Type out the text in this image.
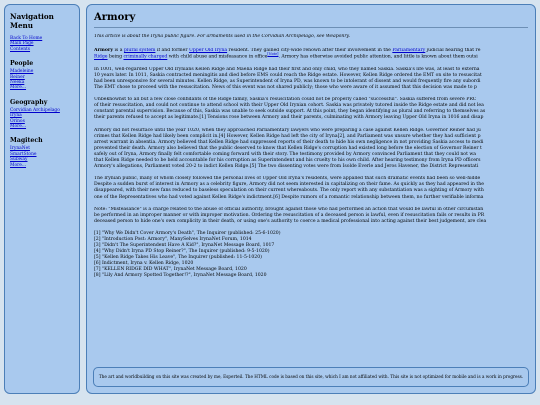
Navigation Menu
Back To Home
Main Page
Contents
People
Madeleine
Reiner
Neeka
More...
Geography
Corvidian Archipelago
Iryna
Orinos
More...
Magitech
IrynaNet
SmartStone
Subway
More...
Armory

This article is about the Iryna public figure. For armaments used in the Corvidian Archipelago, see Weaponry.

Armory is a plural system if and former Upper Old Iryna resident. They gained city-wide renown after their involvement in the Parliamentary judicial hearing that re
Ridge being criminally charged with child abuse and misfeasance in office[Note]. Armory has otherwise avoided public attention, and little is known about them outsi

In 1001, well-regarded Upper Old Irynians Kellen Ridge and Maelia Ridge had their first and only child, who they named Saskia. Saskia's life was, at least to externa
10 years later. In 1011, Saskia contracted meningitis and died before EMS could reach the Ridge estate. However, Kellen Ridge ordered the EMT on site to resuscitat
had been unresponsive for several minutes. Kellen Ridge, as Superintendent of Iryna PD, was known to be intolerant of dissent and would frequently fire any subordi
The EMT chose to proceed with the resuscitation. News of this event was not shared publicly; those who were aware of it assumed that this decision was made to p

Unbeknownst to all but a few close confidants of the Ridge family, Saskia's resuscitation could not be properly called "successful". Saskia suffered from severe PRC
of their resuscitation, and could not continue to attend school with their Upper Old Irynian cohort. Saskia was privately tutored inside the Ridge estate and did not lea
constant parental supervision. Because of this, Saskia was unable to seek outside support. At this point, they began identifying as plural and referring to themselves as
their parents refused to accept as legitimate.[1] Tensions rose between Armory and their parents, culminating with Armory leaving Upper Old Iryna in 1016 and disap

Armory did not resurface until the year 1020, when they approached Parliamentary lawyers who were preparing a case against Kellen Ridge. Governor Reiner had ju
crimes that Kellen Ridge had likely been complicit in.[4] However, Kellen Ridge had left the city of Iryna[2], and Parliament was unsure whether they had sufficient p
arrest warrant in absentia. Armory believed that Kellen Ridge had suppressed reports of their death to hide his own negligence in not providing Saskia access to medi
prevented their death. Armory also believed that the public deserved to know that Kellen Ridge's corruption had existed long before the election of Governor Reiner t
safely out of Iryna, Armory finally felt comfortable coming forward with their story. The testimony provided by Armory convinced Parliament that they could not wa
that Kellen Ridge needed to be held accountable for his corruption as Superintendent and his cruelty to his own child. After hearing testimony from Iryna PD officers
Armory's allegations, Parliament voted 20-2 to indict Kellen Ridge.[5] The two dissenting votes were from Isolde Everle and Jeros Havener, the District Representati

The Irynian public, many of whom closely followed the personal lives of Upper Old Iryna's residents, were appalled that such dramatic events had been so well-hidde
Despite a sudden burst of interest in Armory as a celebrity figure, Armory did not seem interested in capitalizing on their fame. As quickly as they had appeared in the
disappeared, with their new fans reduced to baseless speculation on their current whereabouts. The only report with any substantiation was a sighting of Armory with
one of the Representatives who had voted against Kellen Ridge's indictment.[6] Despite rumors of a romantic relationship between them, no further verifiable informa

Note: "Misfeasance" is a charge related to the abuse of official authority, brought against those who had performed an action that would be lawful in other circumstan
be performed in an improper manner or with improper motivation. Ordering the resuscitation of a deceased person is lawful, even if resuscitation fails or results in PR
deceased person to hide one's own complicity in their death, or using one's authority to coerce a medical professional into acting against their best judgement, are clea

[1] "Why We Didn't Cover Armory's Death", The Inquirer (published: 25-6-1020)
[2] "Introduction Post: Armory", ManySelves IrynaNet Forum, 1014
[3] "Didn't The Superintendent Have A Kid?", IrynaNet Message Board, 1017
[4] "Why Didn't Iryna PD Stop Reiner?", The Inquirer (published: 9-5-1020)
[5] "Kellen Ridge Takes His Leave", The Inquirer (published: 11-5-1020)
[6] Indictment, Iryna v. Kellen Ridge, 1020
[7] "KELLEN RIDGE DID WHAT", IrynaNet Message Board, 1020
[8] "Lily And Armory Spotted Together!?", IrynaNet Message Board, 1020
The art and worldbuilding on this site was created by me, Esperteil. The HTML code is based on this site, which I am not affiliated with. This site is not optimized for mobile and is a work in progress.
